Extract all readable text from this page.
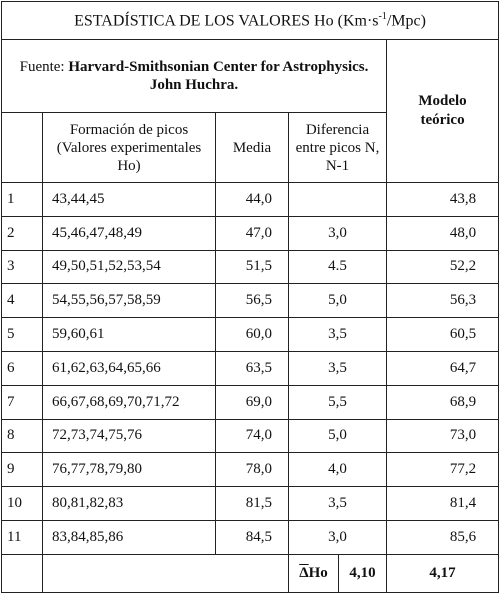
ESTADÍSTICA DE LOS VALORES Ho $(Km\cdot s^{-1}/Mpc)$					
Fuente: Harvard-Smithsonian Center for Astrophysics.
John Huchra.					Modelo teórico
	Formación de picos (Valores experimentales Ho)	Media	Diferencia entre picos N, N-1		
1	43,44,45	44,0			43,8
2	45,46,47,48,49	47,0	3,0		48,0
3	49,50,51,52,53,54	51,5	4.5		52,2
4	54,55,56,57,58,59	56,5	5,0		56,3
5	59,60,61	60,0	3,5		60,5
6	61,62,63,64,65,66	63,5	3,5		64,7
7	66,67,68,69,70,71,72	69,0	5,5		68,9
8	72,73,74,75,76	74,0	5,0		73,0
9	76,77,78,79,80	78,0	4,0		77,2
10	80,81,82,83	81,5	3,5		81,4
11	83,84,85,86	84,5	3,0		85,6
			$\overline{\Delta}Ho$	4,10	4,17
